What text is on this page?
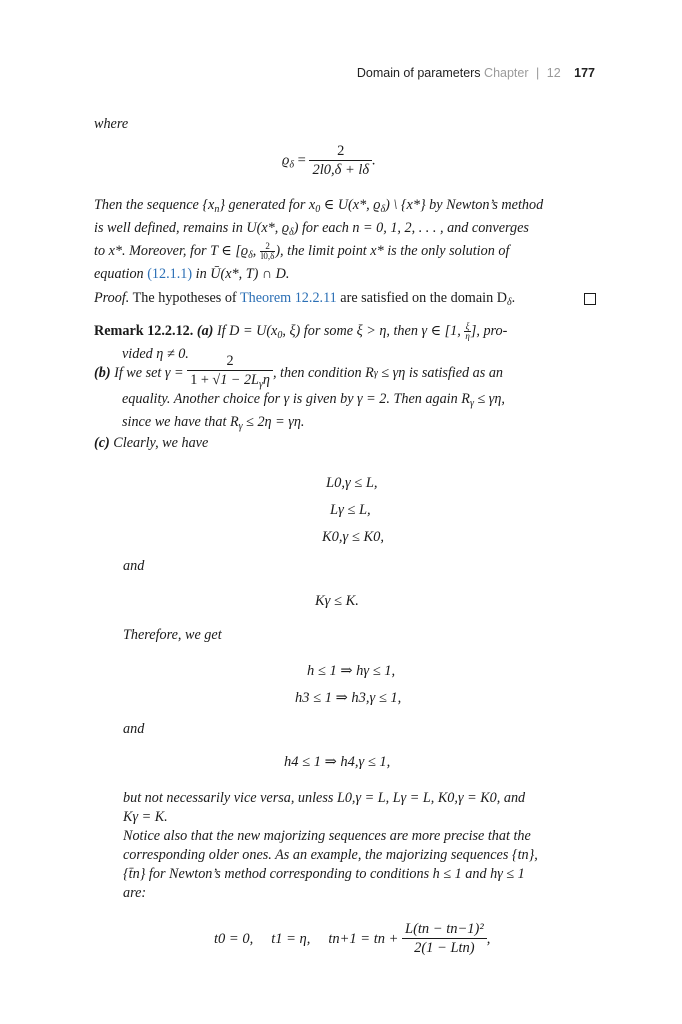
Domain of parameters Chapter | 12 177
where
$ϱ_\delta = \frac{2}{2l0,\delta + l\delta}$ .
Then the sequence $\{x_n\}$ generated for $x_0$ ∈ U(x*, $ϱ_\delta$) \ {x*} by Newton’s method
is well defined, remains in U(x*, $ϱ_\delta$) for each n = 0, 1, 2, . . . , and converges
to x*. Moreover, for T ∈ [$ϱ_\delta$, $\frac{2}{l0,\delta}$ ), the limit point x* is the only solution of
equation (12.1.1) in Ū(x*, T) ∩ D.
Proof. The hypotheses of Theorem 12.2.11 are satisfied on the domain $D_\delta$.
Remark 12.2.12. (a) If $D = U(x_0$, ξ) for some ξ > η, then γ ∈ [1, $\frac{\xi}{\eta}$ ], pro-
vided η ≠ 0.
(b) If we set $\gamma = \frac{2}{1 + √1 - 2L_\gamma\eta}$ , then condition R γ ≤ γη is satisfied as an
equality. Another choice for γ is given by γ = 2. Then again $R_\gamma \le \gamma\eta$,
since we have that $R_\gamma \le 2\eta = \gamma\eta$.
(c) Clearly, we have
L0,γ ≤ L,
Lγ ≤ L,
K0,γ ≤ K0,
and
Kγ ≤ K.
Therefore, we get
h ≤ 1 ⇒ hγ ≤ 1,
h3 ≤ 1 ⇒ h3,γ ≤ 1,
and
h4 ≤ 1 ⇒ h4,γ ≤ 1,
but not necessarily vice versa, unless L0,γ = L, Lγ = L, K0,γ = K0, and
Kγ = K.
Notice also that the new majorizing sequences are more precise that the
corresponding older ones. As an example, the majorizing sequences {tn},
{t̄n} for Newton’s method corresponding to conditions h ≤ 1 and hγ ≤ 1
are:
t0 = 0, t1 = η, tn+1 = tn + $\frac{\text{L(tn − tn−1)²}}{\text{2(1 − Ltn)}}$ ,
